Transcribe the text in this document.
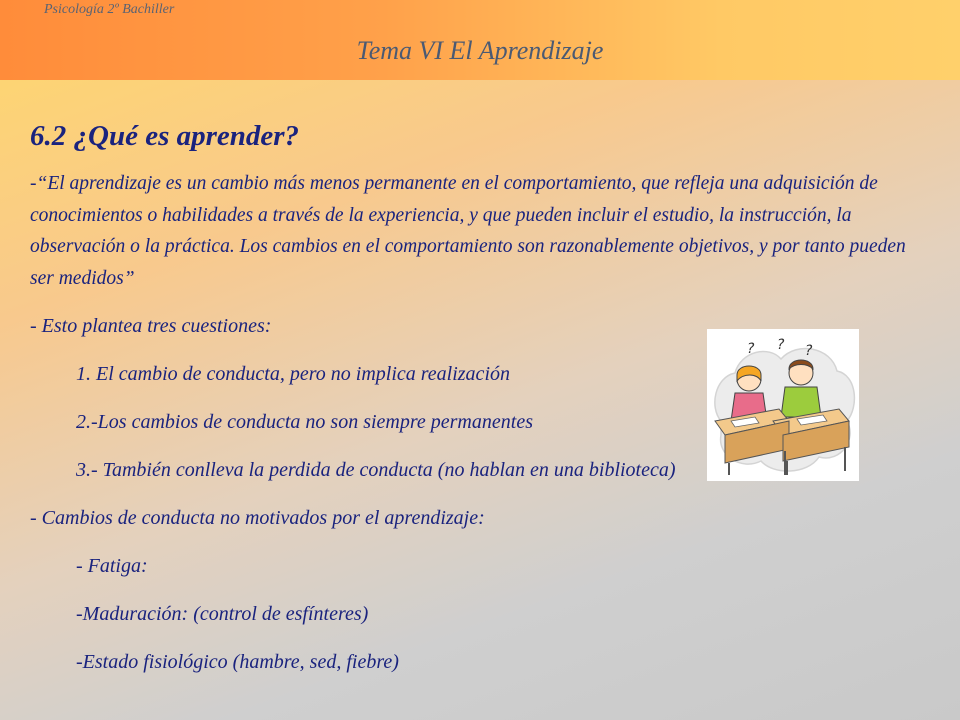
Psicología 2º Bachiller
Tema VI El Aprendizaje
6.2 ¿Qué es aprender?

-“El aprendizaje es un cambio más menos permanente en el comportamiento, que refleja una adquisición de conocimientos o habilidades a través de la experiencia, y que pueden incluir el estudio, la instrucción, la observación o la práctica. Los cambios en el comportamiento son razonablemente objetivos, y por tanto pueden ser medidos”

- Esto plantea tres cuestiones:
1. El cambio de conducta, pero no implica realización
2.-Los cambios de conducta no son siempre permanentes
3.- También conlleva la perdida de conducta (no hablan en una biblioteca)
- Cambios de conducta no motivados por el aprendizaje:
- Fatiga:
-Maduración: (control de esfínteres)
-Estado fisiológico (hambre, sed, fiebre)
? ? ?
